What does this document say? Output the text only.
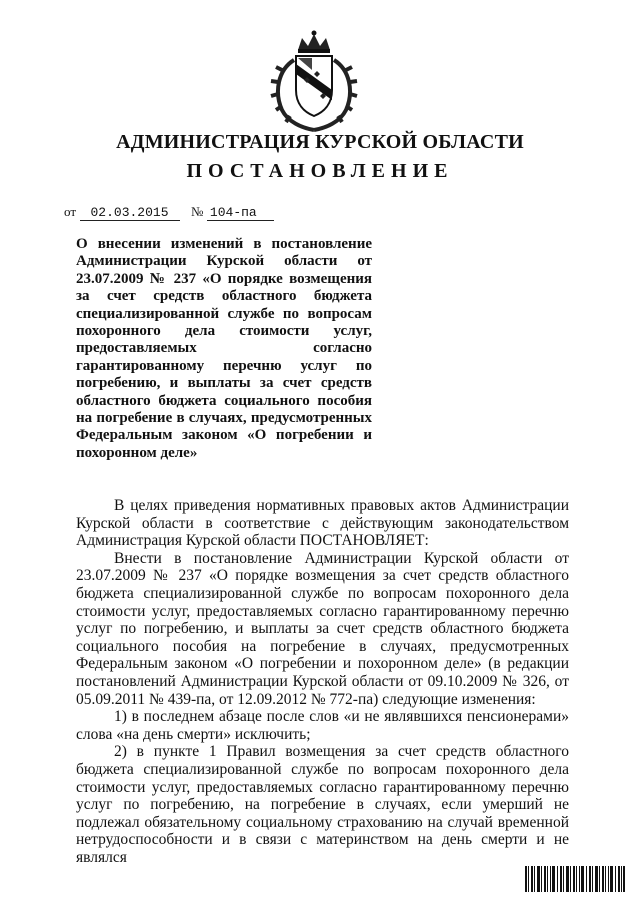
АДМИНИСТРАЦИЯ КУРСКОЙ ОБЛАСТИ
ПОСТАНОВЛЕНИЕ
от 02.03.2015 № 104-па
О внесении изменений в постановление Администрации Курской области от 23.07.2009 № 237 «О порядке возмещения за счет средств областного бюджета специализированной службе по вопросам похоронного дела стоимости услуг, предоставляемых согласно гарантированному перечню услуг по погребению, и выплаты за счет средств областного бюджета социального пособия на погребение в случаях, предусмотренных Федеральным законом «О погребении и похоронном деле»

В целях приведения нормативных правовых актов Администрации Курской области в соответствие с действующим законодательством Администрация Курской области ПОСТАНОВЛЯЕТ:

Внести в постановление Администрации Курской области от 23.07.2009 № 237 «О порядке возмещения за счет средств областного бюджета специализированной службе по вопросам похоронного дела стоимости услуг, предоставляемых согласно гарантированному перечню услуг по погребению, и выплаты за счет средств областного бюджета социального пособия на погребение в случаях, предусмотренных Федеральным законом «О погребении и похоронном деле» (в редакции постановлений Администрации Курской области от 09.10.2009 № 326, от 05.09.2011 № 439-па, от 12.09.2012 № 772-па) следующие изменения:

1) в последнем абзаце после слов «и не являвшихся пенсионерами» слова «на день смерти» исключить;

2) в пункте 1 Правил возмещения за счет средств областного бюджета специализированной службе по вопросам похоронного дела стоимости услуг, предоставляемых согласно гарантированному перечню услуг по погребению, на погребение в случаях, если умерший не подлежал обязательному социальному страхованию на случай временной нетрудоспособности и в связи с материнством на день смерти и не являлся
